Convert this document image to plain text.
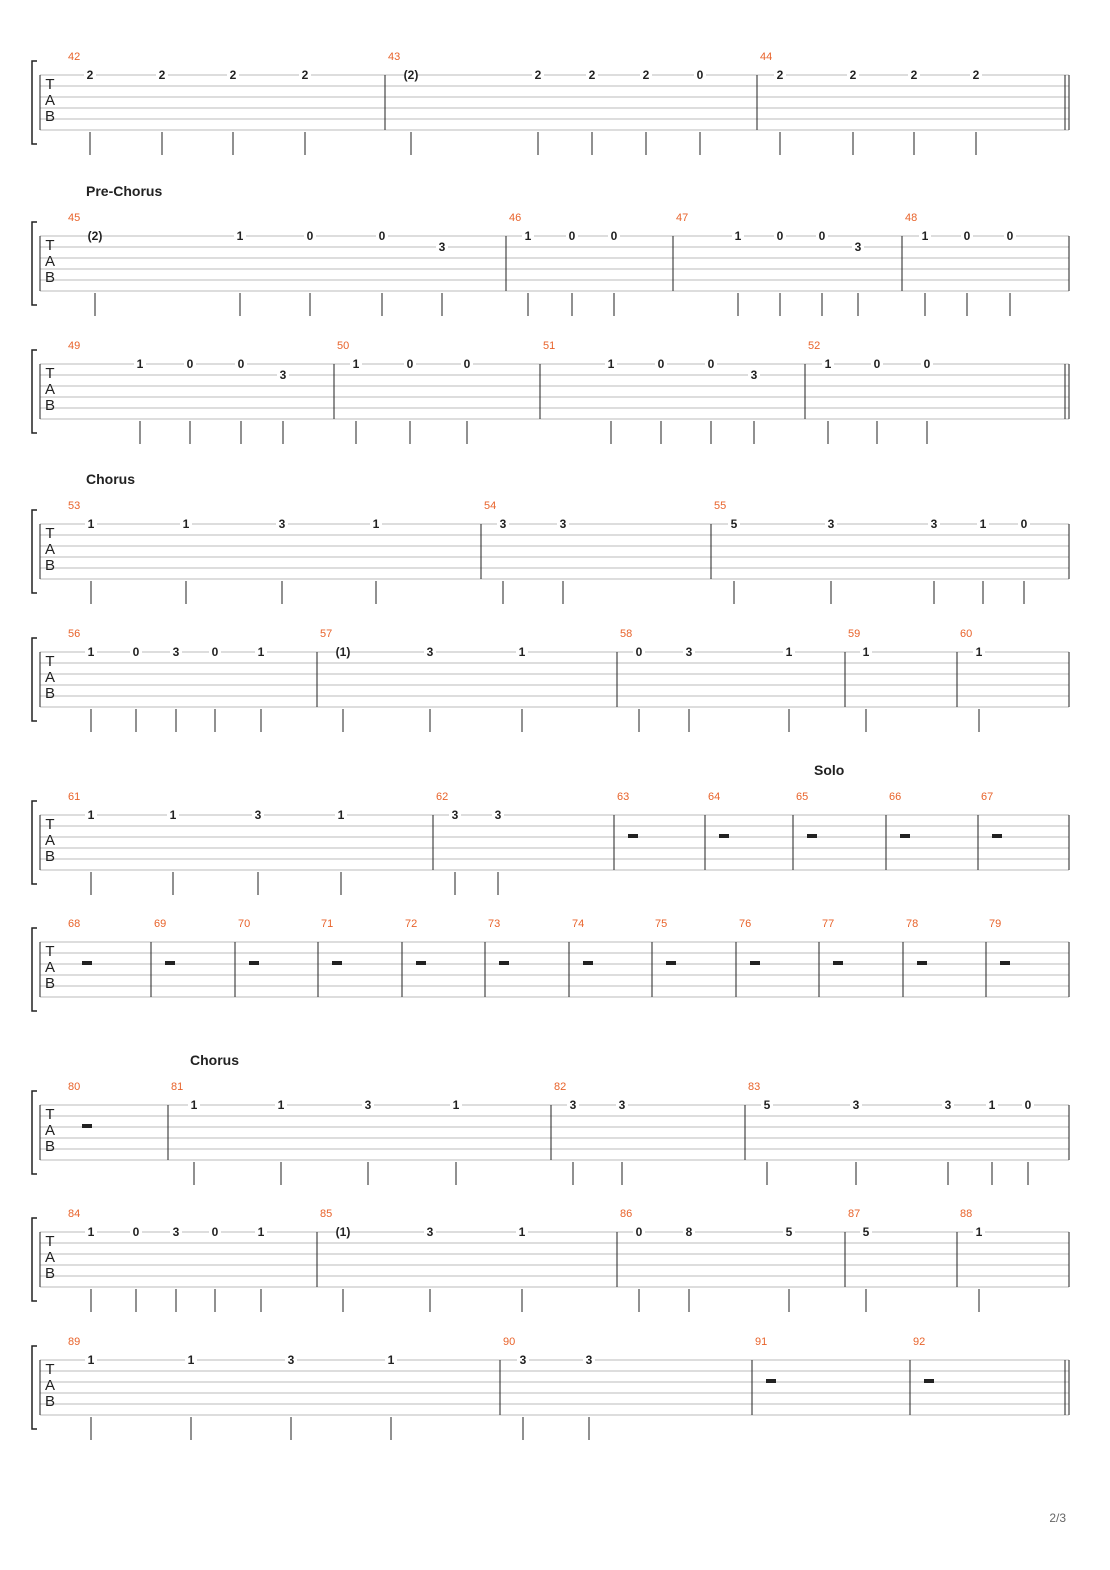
T
A
B
42
2	2	2	2
43
(2)	2	2	2	0
44
2	2	2	2
Pre-Chorus
T
A
B
45
(2)	1	0	0
3
46
1	0	0
47
1	0	0
3
48
1	0	0
T
A
B
49
1	0	0
3
50
1	0	0
51
1	0	0
3
52
1	0	0
Chorus
T
A
B
53
1	1	3	1
54
3	3
55
5	3	3	1	0
T
A
B
56
1	0	3	0	1
57
(1)	3	1
58
0	3	1
59
1
60
1
Solo
T
A
B
61
1	1	3	1
62
3	3
63	64	65	66	67
T
A
B
68	69	70	71	72	73	74	75	76	77	78	79
Chorus
T
A
B
80	81
1	1	3	1
82
3	3
83
5	3	3	1 0
T
A
B
84
1	0	3	0	1
85
(1)	3	1
86
0	8	5
87
5
88
1
T
A
B
89
1	1	3	1
90
3	3
91	92
2/3
